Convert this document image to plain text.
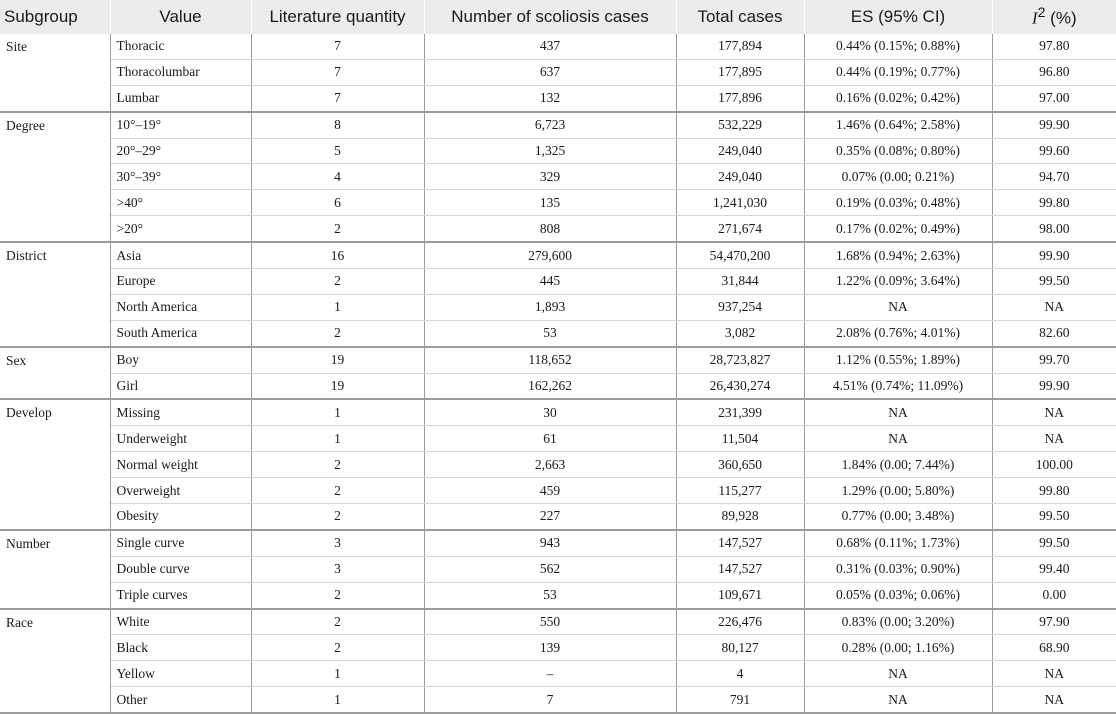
Subgroup	Value	Literature quantity	Number of scoliosis cases	Total cases	ES (95% CI)	$I^2$ (%)
Site	Thoracic	7	437	177,894	0.44% (0.15%; 0.88%)	97.80
	Thoracolumbar	7	637	177,895	0.44% (0.19%; 0.77%)	96.80
	Lumbar	7	132	177,896	0.16% (0.02%; 0.42%)	97.00
Degree	10°–19°	8	6,723	532,229	1.46% (0.64%; 2.58%)	99.90
	20°–29°	5	1,325	249,040	0.35% (0.08%; 0.80%)	99.60
	30°–39°	4	329	249,040	0.07% (0.00; 0.21%)	94.70
	>40°	6	135	1,241,030	0.19% (0.03%; 0.48%)	99.80
	>20°	2	808	271,674	0.17% (0.02%; 0.49%)	98.00
District	Asia	16	279,600	54,470,200	1.68% (0.94%; 2.63%)	99.90
	Europe	2	445	31,844	1.22% (0.09%; 3.64%)	99.50
	North America	1	1,893	937,254	NA	NA
	South America	2	53	3,082	2.08% (0.76%; 4.01%)	82.60
Sex	Boy	19	118,652	28,723,827	1.12% (0.55%; 1.89%)	99.70
	Girl	19	162,262	26,430,274	4.51% (0.74%; 11.09%)	99.90
Develop	Missing	1	30	231,399	NA	NA
	Underweight	1	61	11,504	NA	NA
	Normal weight	2	2,663	360,650	1.84% (0.00; 7.44%)	100.00
	Overweight	2	459	115,277	1.29% (0.00; 5.80%)	99.80
	Obesity	2	227	89,928	0.77% (0.00; 3.48%)	99.50
Number	Single curve	3	943	147,527	0.68% (0.11%; 1.73%)	99.50
	Double curve	3	562	147,527	0.31% (0.03%; 0.90%)	99.40
	Triple curves	2	53	109,671	0.05% (0.03%; 0.06%)	0.00
Race	White	2	550	226,476	0.83% (0.00; 3.20%)	97.90
	Black	2	139	80,127	0.28% (0.00; 1.16%)	68.90
	Yellow	1	–	4	NA	NA
	Other	1	7	791	NA	NA
